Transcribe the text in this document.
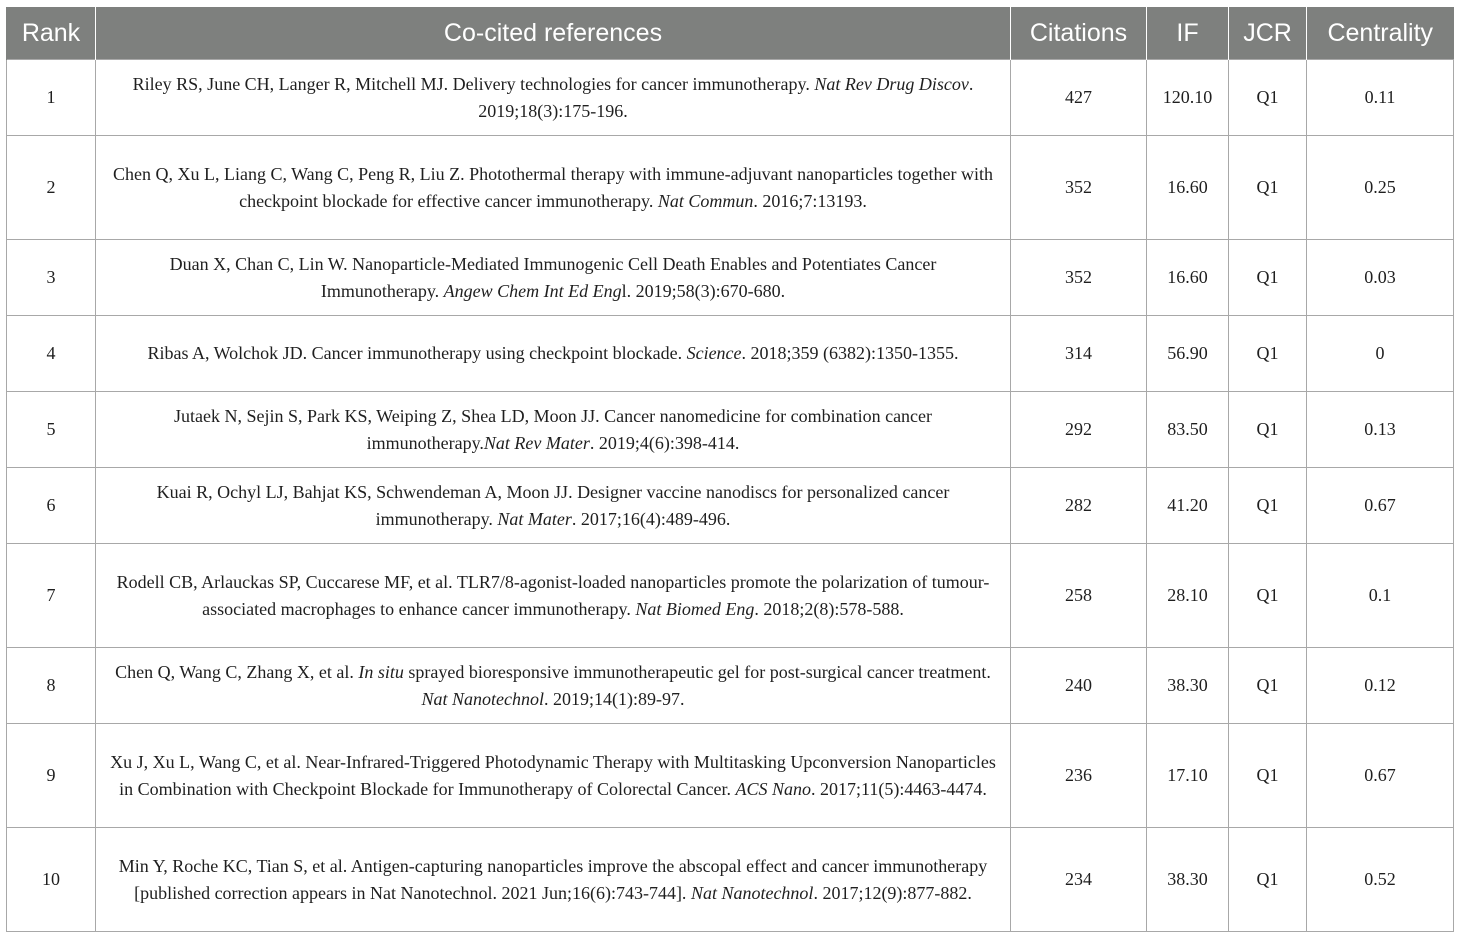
Rank	Co-cited references	Citations	IF	JCR	Centrality
1	Riley RS, June CH, Langer R, Mitchell MJ. Delivery technologies for cancer immunotherapy. Nat Rev Drug Discov. 2019;18(3):175-196.	427	120.10	Q1	0.11
2	Chen Q, Xu L, Liang C, Wang C, Peng R, Liu Z. Photothermal therapy with immune-adjuvant nanoparticles together with checkpoint blockade for effective cancer immunotherapy. Nat Commun. 2016;7:13193.	352	16.60	Q1	0.25
3	Duan X, Chan C, Lin W. Nanoparticle-Mediated Immunogenic Cell Death Enables and Potentiates Cancer Immunotherapy. Angew Chem Int Ed Engl. 2019;58(3):670-680.	352	16.60	Q1	0.03
4	Ribas A, Wolchok JD. Cancer immunotherapy using checkpoint blockade. Science. 2018;359 (6382):1350-1355.	314	56.90	Q1	0
5	Jutaek N, Sejin S, Park KS, Weiping Z, Shea LD, Moon JJ. Cancer nanomedicine for combination cancer immunotherapy.Nat Rev Mater. 2019;4(6):398-414.	292	83.50	Q1	0.13
6	Kuai R, Ochyl LJ, Bahjat KS, Schwendeman A, Moon JJ. Designer vaccine nanodiscs for personalized cancer immunotherapy. Nat Mater. 2017;16(4):489-496.	282	41.20	Q1	0.67
7	Rodell CB, Arlauckas SP, Cuccarese MF, et al. TLR7/8-agonist-loaded nanoparticles promote the polarization of tumour-associated macrophages to enhance cancer immunotherapy. Nat Biomed Eng. 2018;2(8):578-588.	258	28.10	Q1	0.1
8	Chen Q, Wang C, Zhang X, et al. In situ sprayed bioresponsive immunotherapeutic gel for post-surgical cancer treatment. Nat Nanotechnol. 2019;14(1):89-97.	240	38.30	Q1	0.12
9	Xu J, Xu L, Wang C, et al. Near-Infrared-Triggered Photodynamic Therapy with Multitasking Upconversion Nanoparticles in Combination with Checkpoint Blockade for Immunotherapy of Colorectal Cancer. ACS Nano. 2017;11(5):4463-4474.	236	17.10	Q1	0.67
10	Min Y, Roche KC, Tian S, et al. Antigen-capturing nanoparticles improve the abscopal effect and cancer immunotherapy [published correction appears in Nat Nanotechnol. 2021 Jun;16(6):743-744]. Nat Nanotechnol. 2017;12(9):877-882.	234	38.30	Q1	0.52
